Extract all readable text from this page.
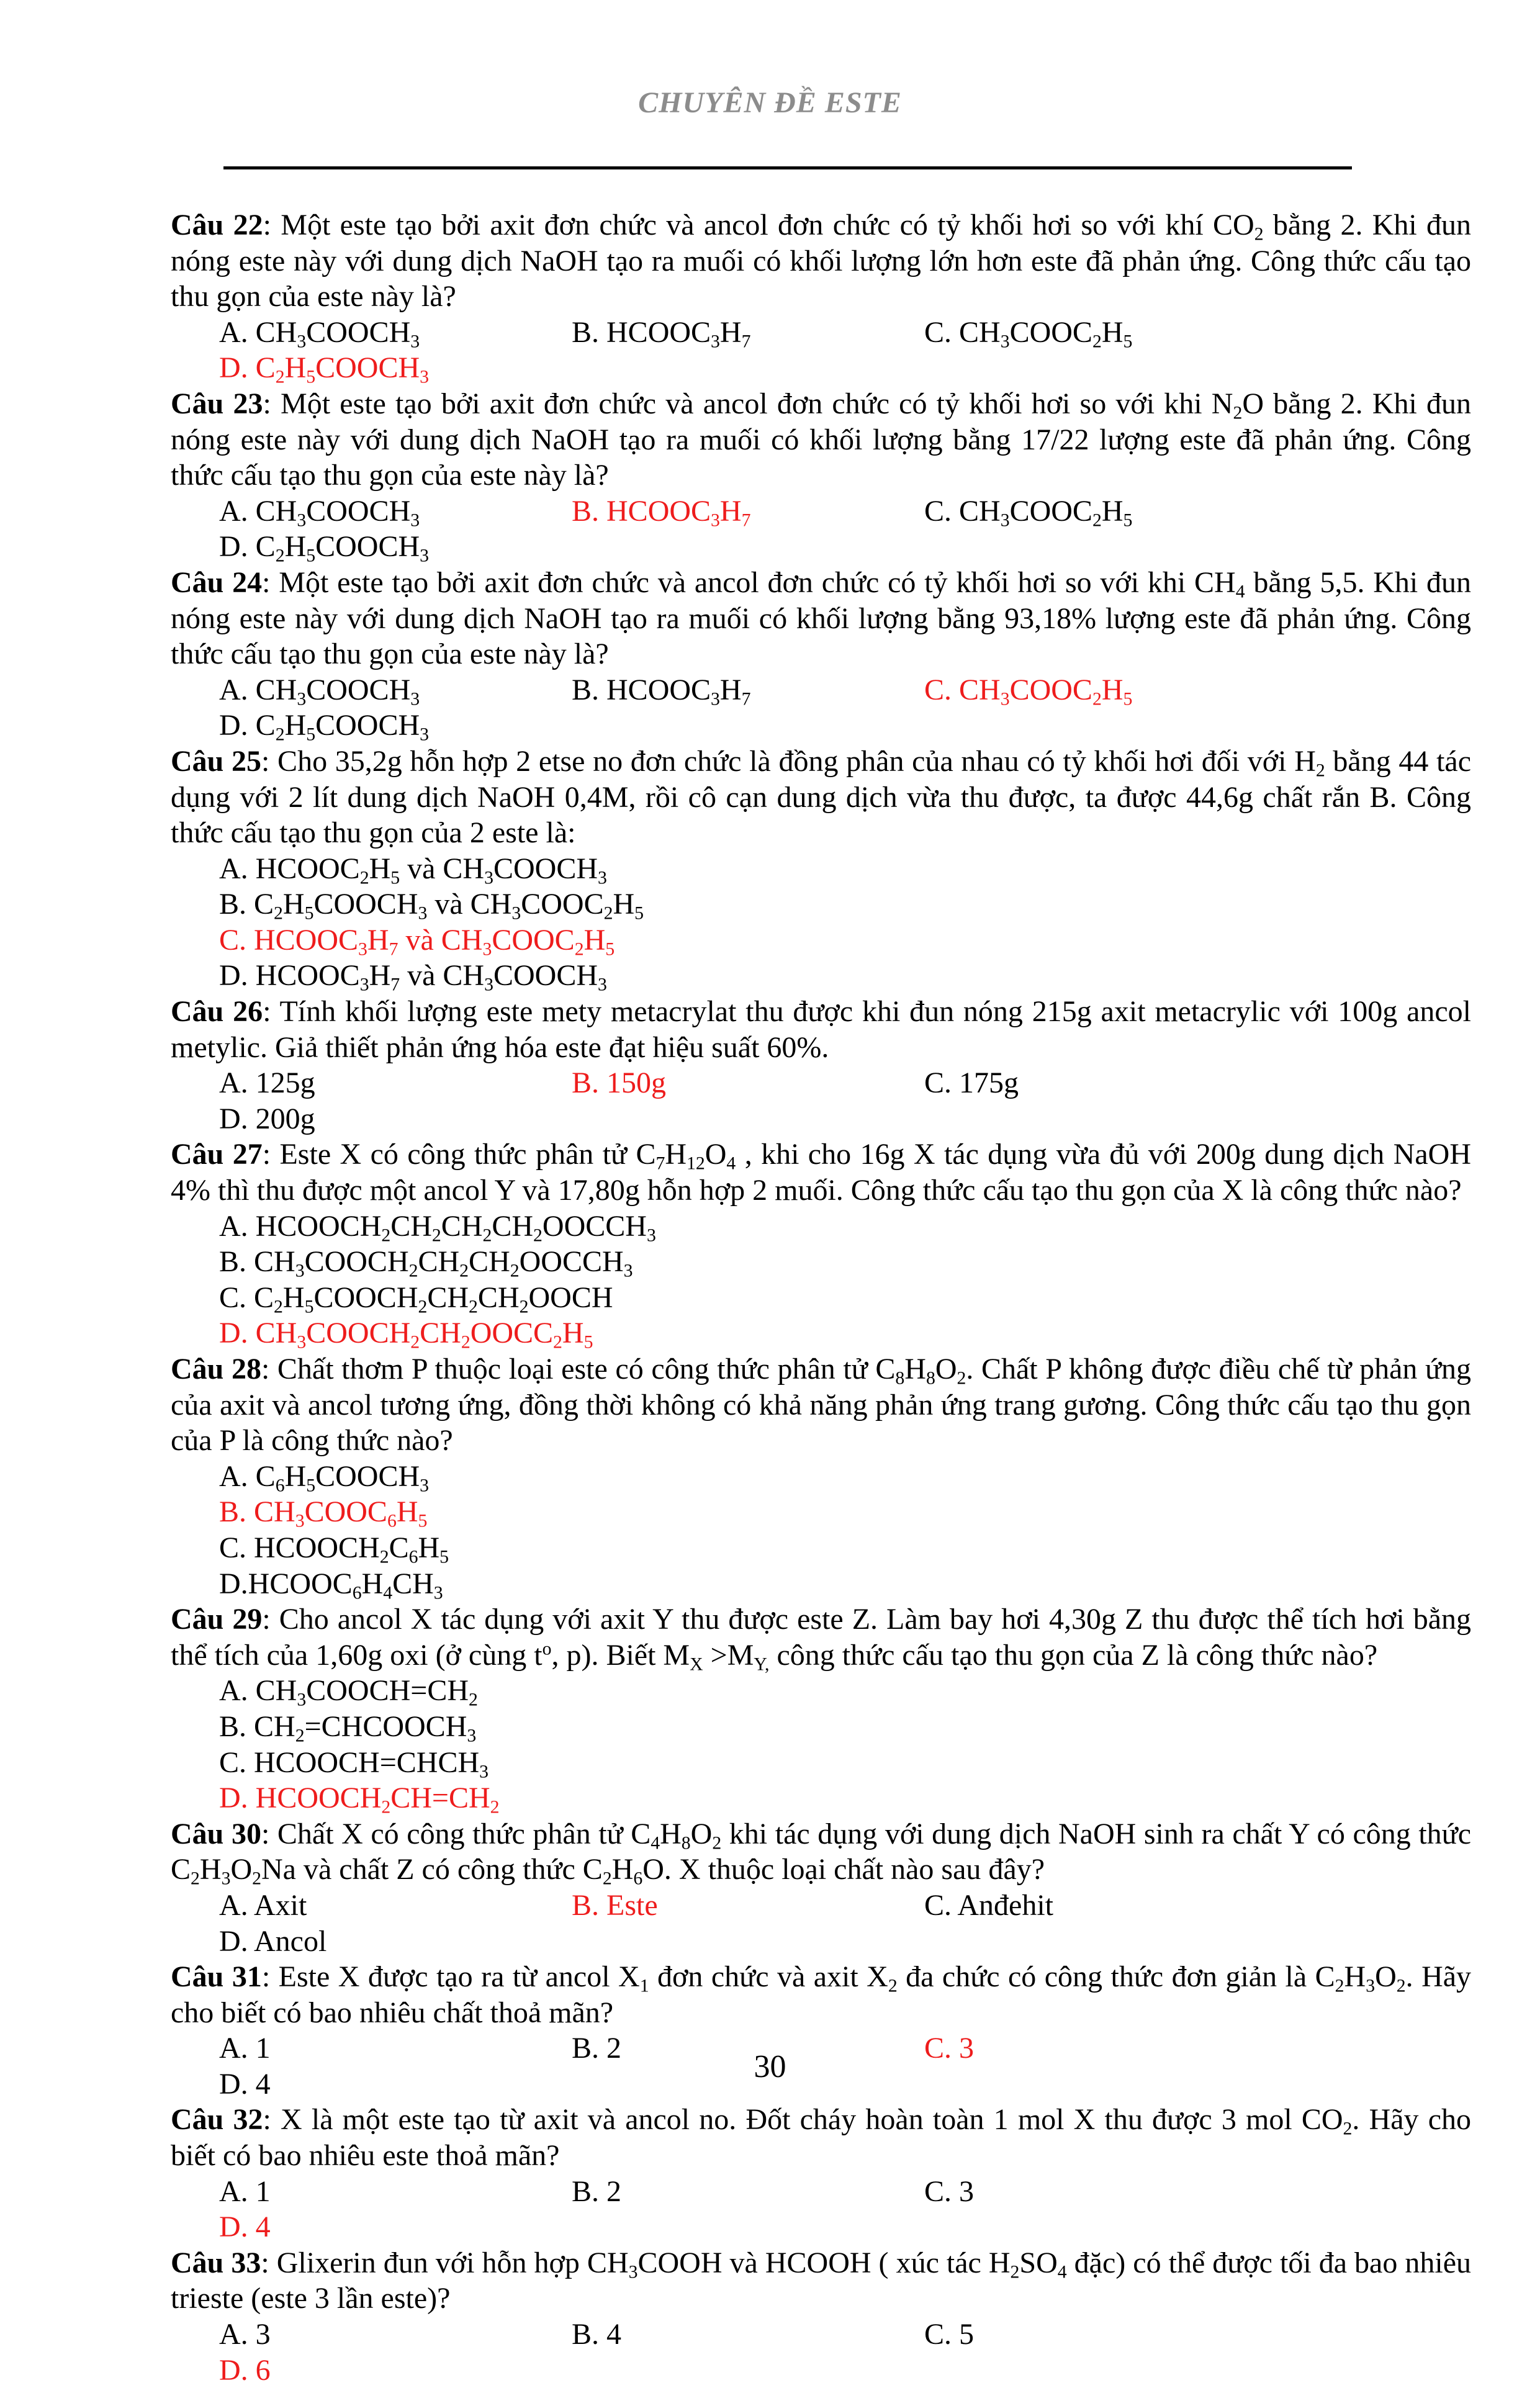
CHUYÊN ĐỀ ESTE
Câu 22: Một este tạo bởi axit đơn chức và ancol đơn chức có tỷ khối hơi so với khí $CO_2$ bằng 2. Khi đun nóng este này với dung dịch NaOH tạo ra muối có khối lượng lớn hơn este đã phản ứng. Công thức cấu tạo thu gọn của este này là?
A. $CH_3COOCH_3$	B. $HCOOC_3H_7$	C. $CH_3COOC_2H_5$
D. $C_2H_5COOCH_3$
Câu 23: Một este tạo bởi axit đơn chức và ancol đơn chức có tỷ khối hơi so với khi $N_2O$ bằng 2. Khi đun nóng este này với dung dịch NaOH tạo ra muối có khối lượng bằng 17/22 lượng este đã phản ứng. Công thức cấu tạo thu gọn của este này là?
A. $CH_3COOCH_3$	B. $HCOOC_3H_7$	C. $CH_3COOC_2H_5$
D. $C_2H_5COOCH_3$
Câu 24: Một este tạo bởi axit đơn chức và ancol đơn chức có tỷ khối hơi so với khi $CH_4$ bằng 5,5. Khi đun nóng este này với dung dịch NaOH tạo ra muối có khối lượng bằng 93,18% lượng este đã phản ứng. Công thức cấu tạo thu gọn của este này là?
A. $CH_3COOCH_3$	B. $HCOOC_3H_7$	C. $CH_3COOC_2H_5$
D. $C_2H_5COOCH_3$
Câu 25: Cho 35,2g hỗn hợp 2 etse no đơn chức là đồng phân của nhau có tỷ khối hơi đối với $H_2$ bằng 44 tác dụng với 2 lít dung dịch NaOH 0,4M, rồi cô cạn dung dịch vừa thu được, ta được 44,6g chất rắn B. Công thức cấu tạo thu gọn của 2 este là:
A. $HCOOC_2H_5$ và $CH_3COOCH_3$
B. $C_2H_5COOCH_3$ và $CH_3COOC_2H_5$
C. $HCOOC_3H_7$ và $CH_3COOC_2H_5$
D. $HCOOC_3H_7$ và $CH_3COOCH_3$
Câu 26: Tính khối lượng este mety metacrylat thu được khi đun nóng 215g axit metacrylic với 100g ancol metylic. Giả thiết phản ứng hóa este đạt hiệu suất 60%.
A. 125g	B. 150g	C. 175g
D. 200g
Câu 27: Este X có công thức phân tử $C_7H_{12}O_4$ , khi cho 16g X tác dụng vừa đủ với 200g dung dịch NaOH 4% thì thu được một ancol Y và 17,80g hỗn hợp 2 muối. Công thức cấu tạo thu gọn của X là công thức nào?
A. $HCOOCH_2CH_2CH_2CH_2OOCCH_3$
B. $CH_3COOCH_2CH_2CH_2OOCCH_3$
C. $C_2H_5COOCH_2CH_2CH_2OOCH$
D. $CH_3COOCH_2CH_2OOCC_2H_5$
Câu 28: Chất thơm P thuộc loại este có công thức phân tử $C_8H_8O_2$. Chất P không được điều chế từ phản ứng của axit và ancol tương ứng, đồng thời không có khả năng phản ứng trang gương. Công thức cấu tạo thu gọn của P là công thức nào?
A. $C_6H_5COOCH_3$
B. $CH_3COOC_6H_5$
C. $HCOOCH_2C_6H_5$
$D.HCOOC_6H_4CH_3$
Câu 29: Cho ancol X tác dụng với axit Y thu được este Z. Làm bay hơi 4,30g Z thu được thể tích hơi bằng thể tích của 1,60g oxi (ở cùng $t^o$, p). Biết $M_X >M_{Y,}$ công thức cấu tạo thu gọn của Z là công thức nào?
A. $CH_3COOCH=CH_2$
B. $CH_2=CHCOOCH_3$
C. $HCOOCH=CHCH_3$
D. $HCOOCH_2CH=CH_2$
Câu 30: Chất X có công thức phân tử $C_4H_8O_2$ khi tác dụng với dung dịch NaOH sinh ra chất Y có công thức $C_2H_3O_2Na$ và chất Z có công thức $C_2H_6O$. X thuộc loại chất nào sau đây?
A. Axit	B. Este	C. Anđehit
D. Ancol
Câu 31: Este X được tạo ra từ ancol $X_1$ đơn chức và axit $X_2$ đa chức có công thức đơn giản là $C_2H_3O_2$. Hãy cho biết có bao nhiêu chất thoả mãn?
A. 1	B. 2	C. 3
D. 4
Câu 32: X là một este tạo từ axit và ancol no. Đốt cháy hoàn toàn 1 mol X thu được 3 mol $CO_2$. Hãy cho biết có bao nhiêu este thoả mãn?
A. 1	B. 2	C. 3
D. 4
Câu 33: Glixerin đun với hỗn hợp $CH_3COOH$ và HCOOH ( xúc tác $H_2SO_4$ đặc) có thể được tối đa bao nhiêu trieste (este 3 lần este)?
A. 3	B. 4	C. 5
D. 6
30
